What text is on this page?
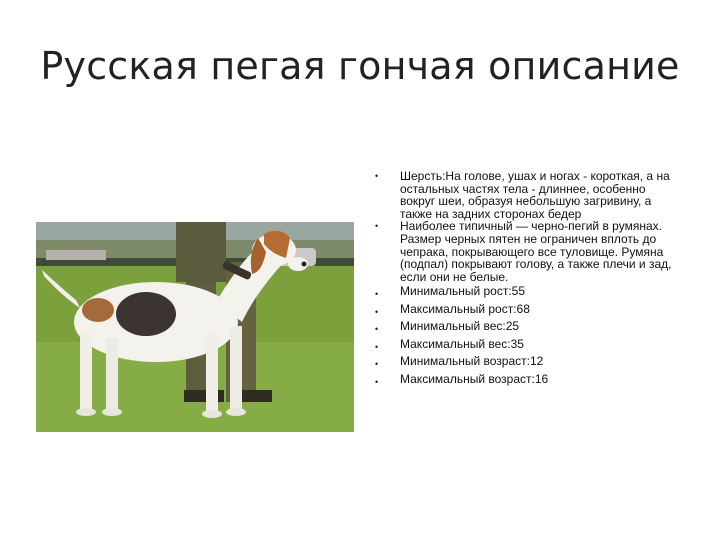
Русская пегая гончая описание
• Шерсть:На голове, ушах и ногах - короткая, а на остальных частях тела - длиннее, особенно вокруг шеи, образуя небольшую загривину, а также на задних сторонах бедер
• Наиболее типичный — черно-пегий в румянах. Размер черных пятен не ограничен вплоть до чепрака, покрывающего все туловище. Румяна (подпал) покрывают голову, а также плечи и зад, если они не белые.
• Минимальный рост:55
• Максимальный рост:68
• Минимальный вес:25
• Максимальный вес:35
• Минимальный возраст:12
• Максимальный возраст:16
